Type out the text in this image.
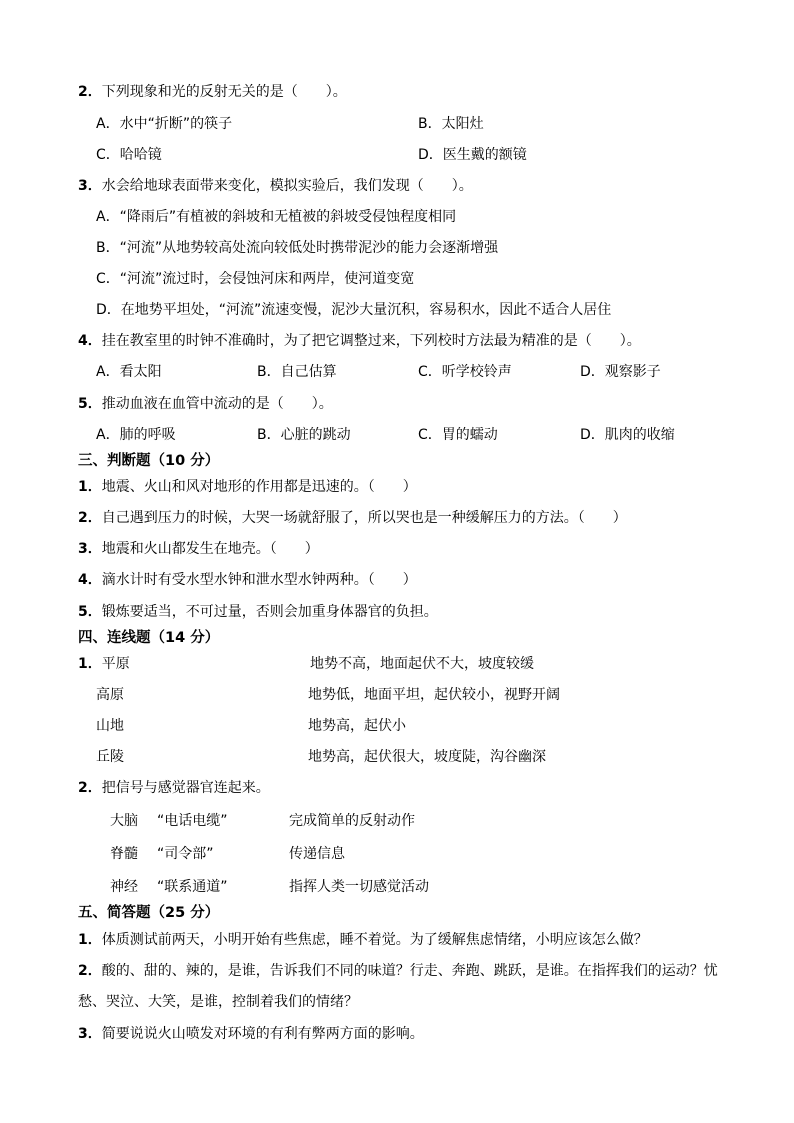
2．下列现象和光的反射无关的是（　　）。
A．水中“折断”的筷子	B．太阳灶
C．哈哈镜	D．医生戴的额镜
3．水会给地球表面带来变化，模拟实验后，我们发现（　　）。
A．“降雨后”有植被的斜坡和无植被的斜坡受侵蚀程度相同
B．“河流”从地势较高处流向较低处时携带泥沙的能力会逐渐增强
C．“河流”流过时，会侵蚀河床和两岸，使河道变宽
D．在地势平坦处，“河流”流速变慢，泥沙大量沉积，容易积水，因此不适合人居住
4．挂在教室里的时钟不准确时，为了把它调整过来，下列校时方法最为精准的是（　　）。
A．看太阳	B．自己估算	C．听学校铃声	D．观察影子
5．推动血液在血管中流动的是（　　）。
A．肺的呼吸	B．心脏的跳动	C．胃的蠕动	D．肌肉的收缩
三、判断题（10 分）
1．地震、火山和风对地形的作用都是迅速的。（　　）
2．自己遇到压力的时候，大哭一场就舒服了，所以哭也是一种缓解压力的方法。（　　）
3．地震和火山都发生在地壳。（　　）
4．滴水计时有受水型水钟和泄水型水钟两种。（　　）
5．锻炼要适当，不可过量，否则会加重身体器官的负担。
四、连线题（14 分）
1．平原	地势不高，地面起伏不大，坡度较缓
高原	地势低，地面平坦，起伏较小，视野开阔
山地	地势高，起伏小
丘陵	地势高，起伏很大，坡度陡，沟谷幽深
2．把信号与感觉器官连起来。
大脑 “电话电缆”	完成简单的反射动作
脊髓 “司令部”	传递信息
神经 “联系通道”	指挥人类一切感觉活动
五、简答题（25 分）
1．体质测试前两天，小明开始有些焦虑，睡不着觉。为了缓解焦虑情绪，小明应该怎么做？
2．酸的、甜的、辣的，是谁，告诉我们不同的味道？行走、奔跑、跳跃，是谁。在指挥我们的运动？忧
愁、哭泣、大笑，是谁，控制着我们的情绪？
3．简要说说火山喷发对环境的有利有弊两方面的影响。
